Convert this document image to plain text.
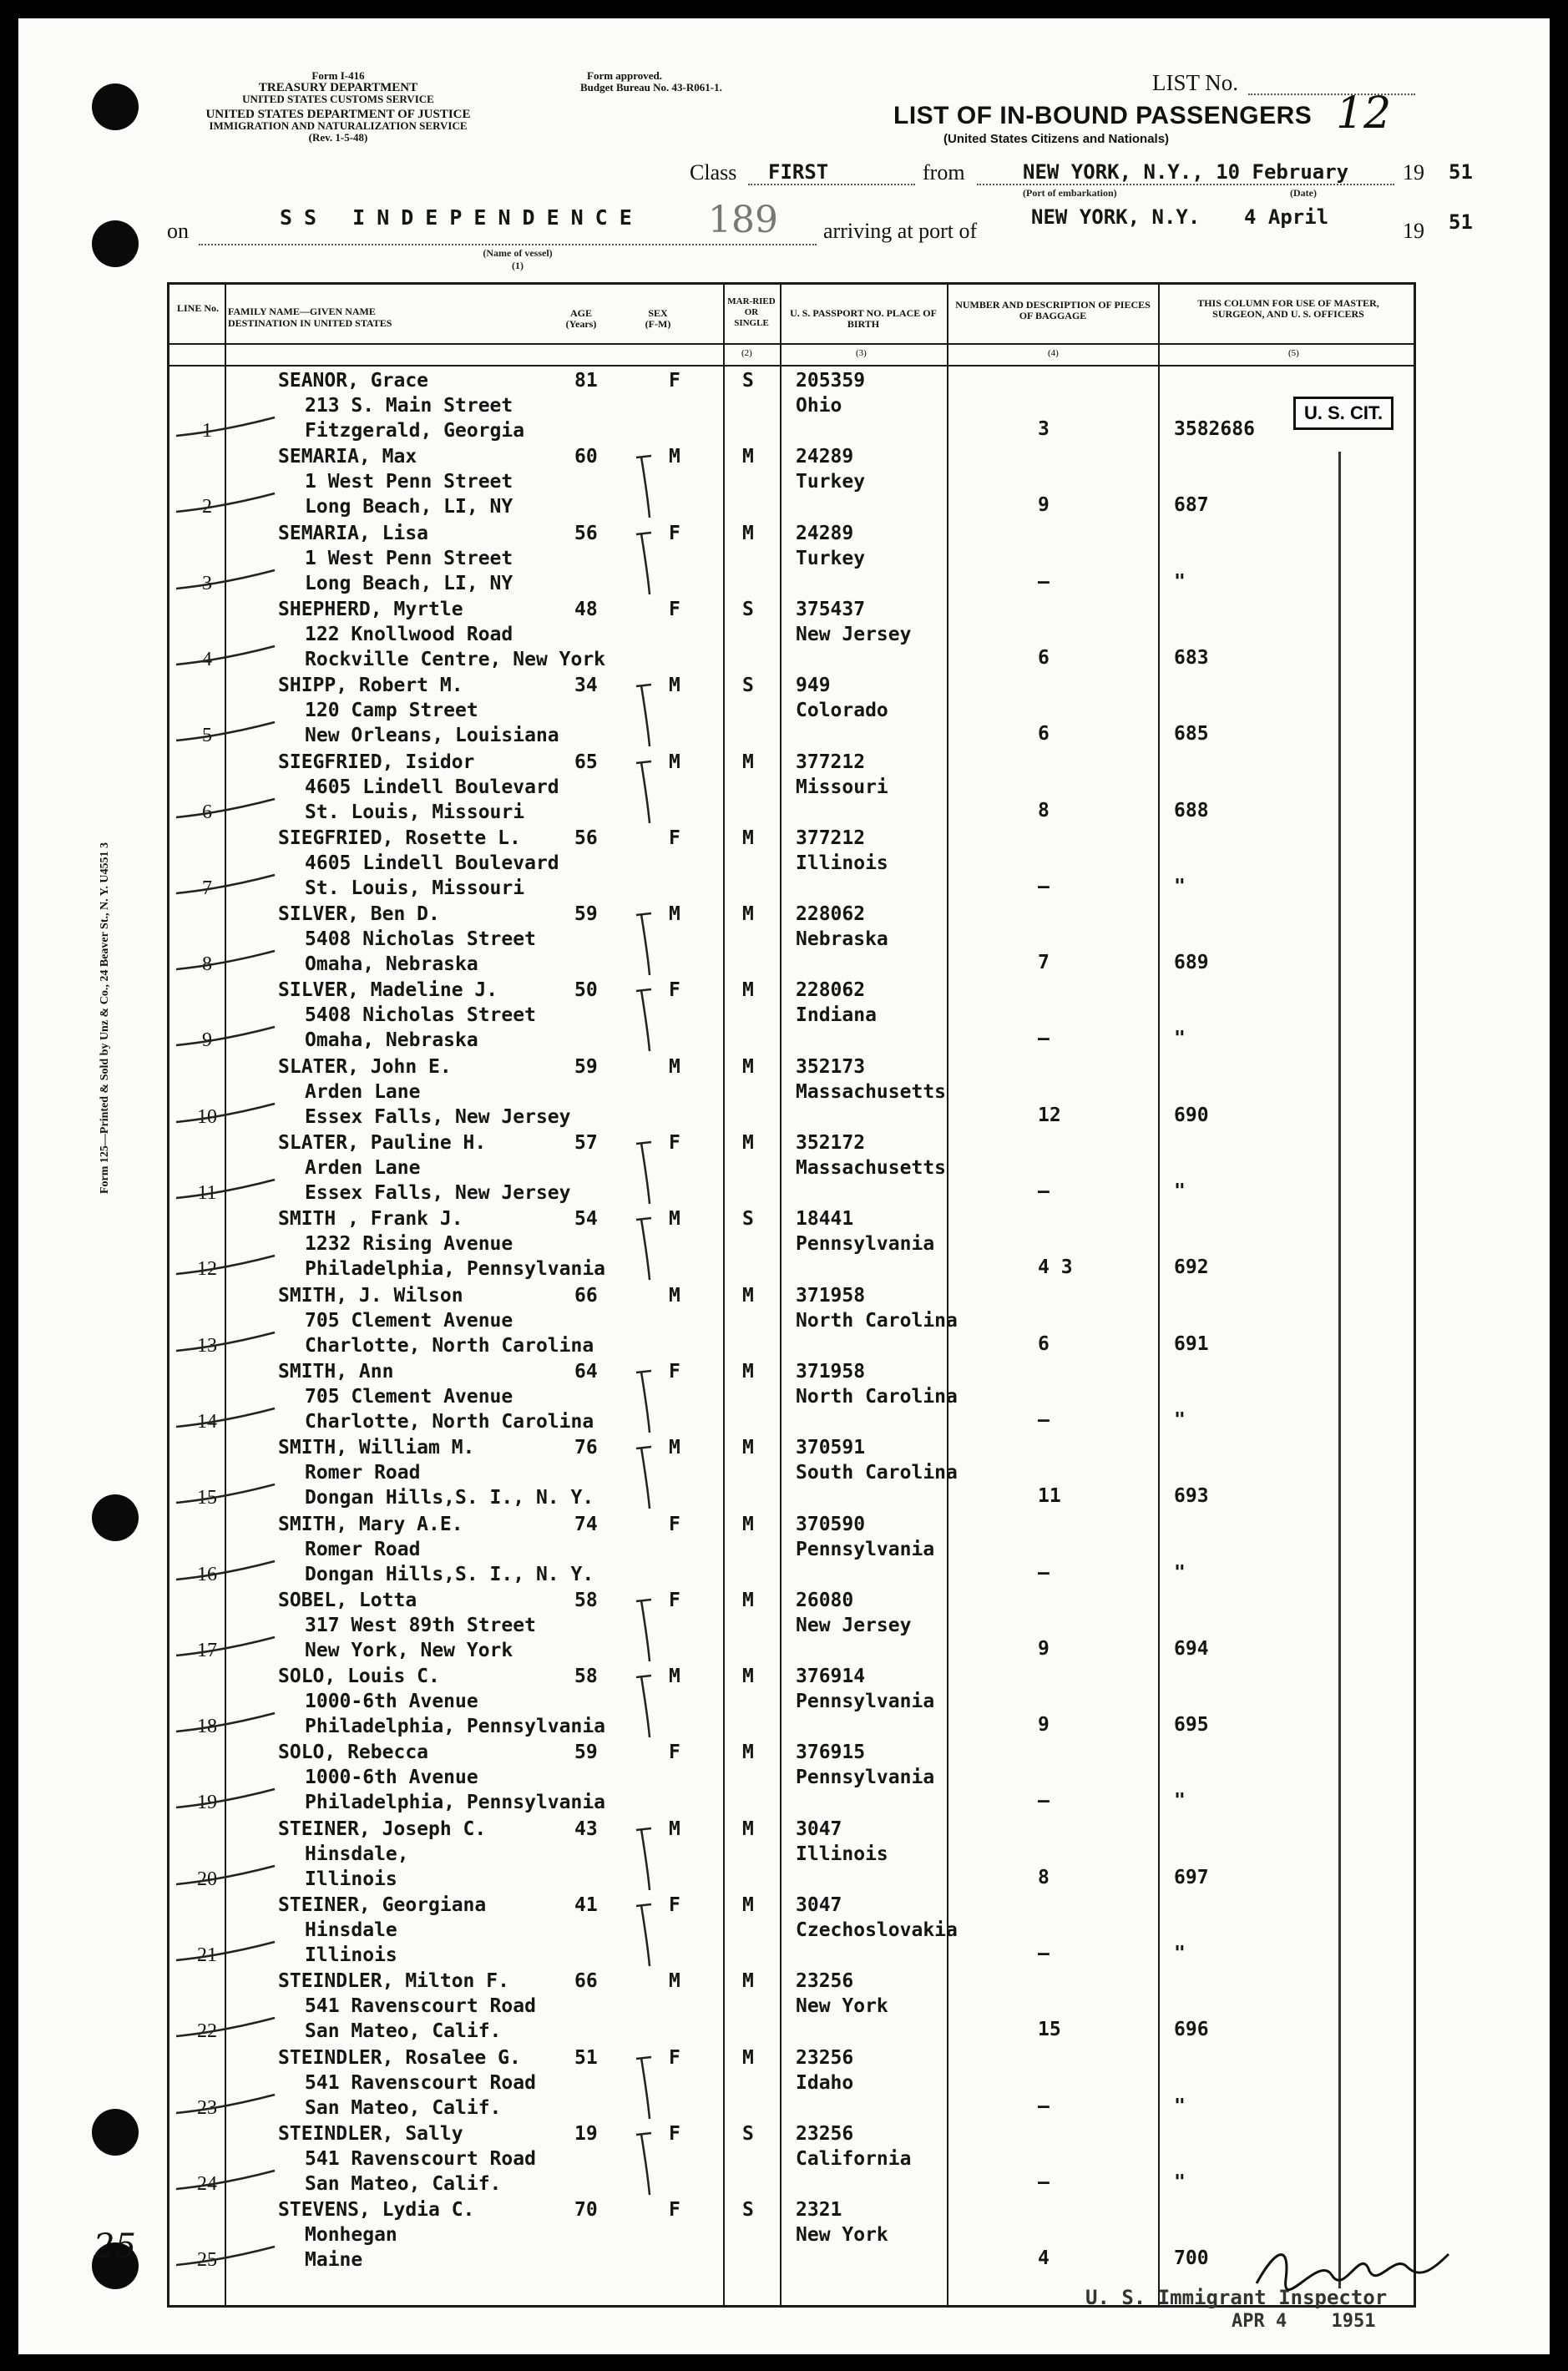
Form 125—Printed & Sold by Unz & Co., 24 Beaver St., N. Y. U4551 3
Form I-416
TREASURY DEPARTMENT
UNITED STATES CUSTOMS SERVICE
UNITED STATES DEPARTMENT OF JUSTICE
IMMIGRATION AND NATURALIZATION SERVICE
(Rev. 1-5-48)
Form approved.
Budget Bureau No. 43-R061-1.	LIST No.
LIST OF IN-BOUND PASSENGERS
(United States Citizens and Nationals)
12
Class FIRST	from	NEW YORK, N.Y., 10 February 19 51
(Port of embarkation)	(Date)
on
SS INDEPENDENCE 189
(Name of vessel)
(1)
arriving at port of
NEW YORK, N.Y. 4 April
19 51
LINE No. FAMILY NAME—GIVEN NAME
DESTINATION IN UNITED STATES
AGE (Years)
SEX (F-M)
MAR-RIED OR SINGLE
U. S. PASSPORT NO. PLACE OF BIRTH
NUMBER AND DESCRIPTION OF PIECES OF BAGGAGE
THIS COLUMN FOR USE OF MASTER, SURGEON, AND U. S. OFFICERS
(2)	(3)	(4)	(5)
1
SEANOR, Grace
213 S. Main Street
Fitzgerald, Georgia
81	F	S 205359
Ohio
3	3582686
2
SEMARIA, Max
1 West Penn Street
Long Beach, LI, NY
60	M	M 24289
Turkey
9	687
3
SEMARIA, Lisa
1 West Penn Street
Long Beach, LI, NY
56	F	M 24289
Turkey
–	"
4
SHEPHERD, Myrtle
122 Knollwood Road
Rockville Centre, New York
48	F	S 375437
New Jersey
6	683
5
SHIPP, Robert M.
120 Camp Street
New Orleans, Louisiana
34	M	S 949
Colorado
6	685
6
SIEGFRIED, Isidor
4605 Lindell Boulevard
St. Louis, Missouri
65	M	M 377212
Missouri
8	688
7
SIEGFRIED, Rosette L.
4605 Lindell Boulevard
St. Louis, Missouri
56	F	M 377212
Illinois
–	"
8
SILVER, Ben D.
5408 Nicholas Street
Omaha, Nebraska
59	M	M 228062
Nebraska
7	689
9
SILVER, Madeline J.
5408 Nicholas Street
Omaha, Nebraska
50	F	M 228062
Indiana
–	"
10
SLATER, John E.
Arden Lane
Essex Falls, New Jersey
59	M	M 352173
Massachusetts
12	690
11
SLATER, Pauline H.
Arden Lane
Essex Falls, New Jersey
57	F	M 352172
Massachusetts
–	"
12
SMITH , Frank J.
1232 Rising Avenue
Philadelphia, Pennsylvania
54	M	S 18441
Pennsylvania
4 3	692
13
SMITH, J. Wilson
705 Clement Avenue
Charlotte, North Carolina
66	M	M 371958
North Carolina
6	691
14
SMITH, Ann
705 Clement Avenue
Charlotte, North Carolina
64	F	M 371958
North Carolina
–	"
15
SMITH, William M.
Romer Road
Dongan Hills,S. I., N. Y.
76	M	M 370591
South Carolina
11	693
16
SMITH, Mary A.E.
Romer Road
Dongan Hills,S. I., N. Y.
74	F	M 370590
Pennsylvania
–	"
17
SOBEL, Lotta
317 West 89th Street
New York, New York
58	F	M 26080
New Jersey
9	694
18
SOLO, Louis C.
1000-6th Avenue
Philadelphia, Pennsylvania
58	M	M 376914
Pennsylvania
9	695
19
SOLO, Rebecca
1000-6th Avenue
Philadelphia, Pennsylvania
59	F	M 376915
Pennsylvania
–	"
20
STEINER, Joseph C.
Hinsdale,
Illinois
43	M	M 3047
Illinois
8	697
21
STEINER, Georgiana
Hinsdale
Illinois
41	F	M 3047
Czechoslovakia
–	"
22
STEINDLER, Milton F.
541 Ravenscourt Road
San Mateo, Calif.
66	M	M 23256
New York
15	696
23
STEINDLER, Rosalee G.
541 Ravenscourt Road
San Mateo, Calif.
51	F	M 23256
Idaho
–	"
24
STEINDLER, Sally
541 Ravenscourt Road
San Mateo, Calif.
19	F	S 23256
California
–	"
25
STEVENS, Lydia C.
Monhegan
Maine
70	F	S 2321
New York
4	700
U. S. CIT.
U. S. Immigrant Inspector
APR 4 1951
25
